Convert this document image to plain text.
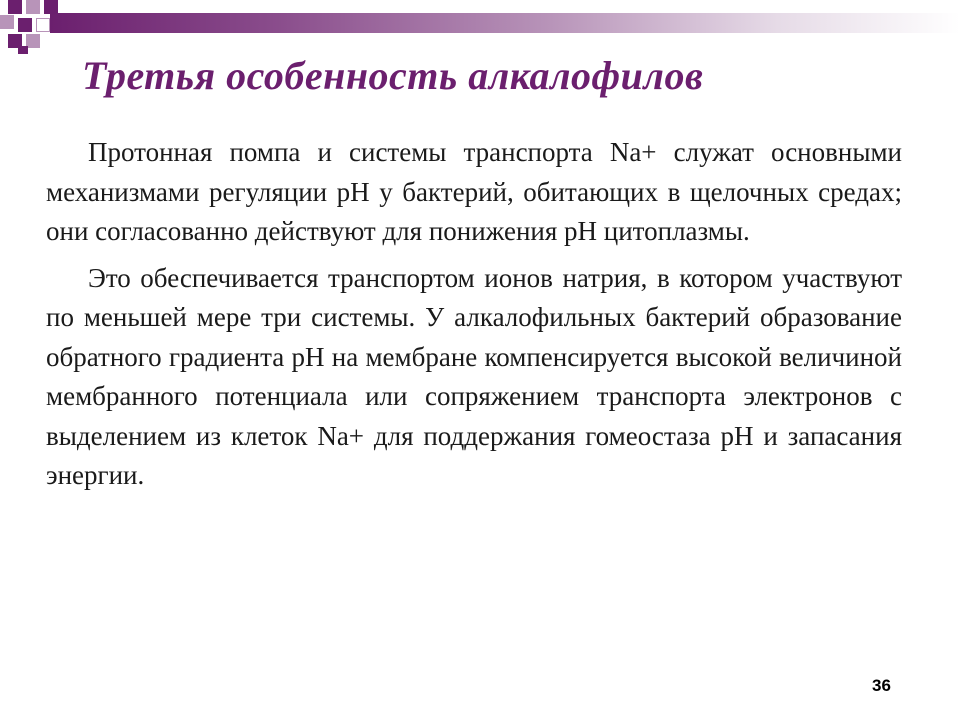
Третья особенность алкалофилов

Протонная помпа и системы транспорта Na+ служат основными механизмами регуляции рН у бактерий, обитающих в щелочных средах; они согласованно действуют для понижения рН цитоплазмы.

Это обеспечивается транспортом ионов натрия, в котором участвуют по меньшей мере три системы. У алкалофильных бактерий образование обратного градиента рН на мембране компенсируется высокой величиной мембранного потенциала или сопряжением транспорта электронов с выделением из клеток Na+ для поддержания гомеостаза рН и запасания энергии.

36
